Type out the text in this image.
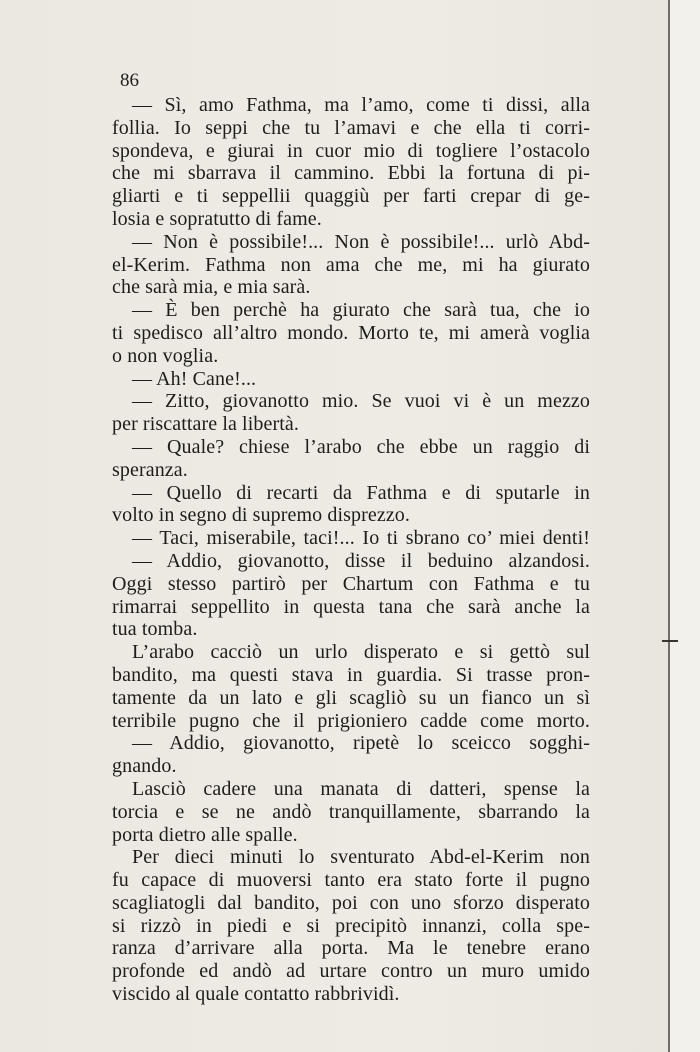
86
— Sì, amo Fathma, ma l’amo, come ti dissi, alla
follia. Io seppi che tu l’amavi e che ella ti corri-
spondeva, e giurai in cuor mio di togliere l’ostacolo
che mi sbarrava il cammino. Ebbi la fortuna di pi-
gliarti e ti seppellii quaggiù per farti crepar di ge-
losia e sopratutto di fame.
— Non è possibile!... Non è possibile!... urlò Abd-
el-Kerim. Fathma non ama che me, mi ha giurato
che sarà mia, e mia sarà.
— È ben perchè ha giurato che sarà tua, che io
ti spedisco all’altro mondo. Morto te, mi amerà voglia
o non voglia.
— Ah! Cane!...
— Zitto, giovanotto mio. Se vuoi vi è un mezzo
per riscattare la libertà.
— Quale? chiese l’arabo che ebbe un raggio di
speranza.
— Quello di recarti da Fathma e di sputarle in
volto in segno di supremo disprezzo.
— Taci, miserabile, taci!... Io ti sbrano co’ miei denti!
— Addio, giovanotto, disse il beduino alzandosi.
Oggi stesso partirò per Chartum con Fathma e tu
rimarrai seppellito in questa tana che sarà anche la
tua tomba.
L’arabo cacciò un urlo disperato e si gettò sul
bandito, ma questi stava in guardia. Si trasse pron-
tamente da un lato e gli scagliò su un fianco un sì
terribile pugno che il prigioniero cadde come morto.
— Addio, giovanotto, ripetè lo sceicco sogghi-
gnando.
Lasciò cadere una manata di datteri, spense la
torcia e se ne andò tranquillamente, sbarrando la
porta dietro alle spalle.
Per dieci minuti lo sventurato Abd-el-Kerim non
fu capace di muoversi tanto era stato forte il pugno
scagliatogli dal bandito, poi con uno sforzo disperato
si rizzò in piedi e si precipitò innanzi, colla spe-
ranza d’arrivare alla porta. Ma le tenebre erano
profonde ed andò ad urtare contro un muro umido
viscido al quale contatto rabbrividì.
